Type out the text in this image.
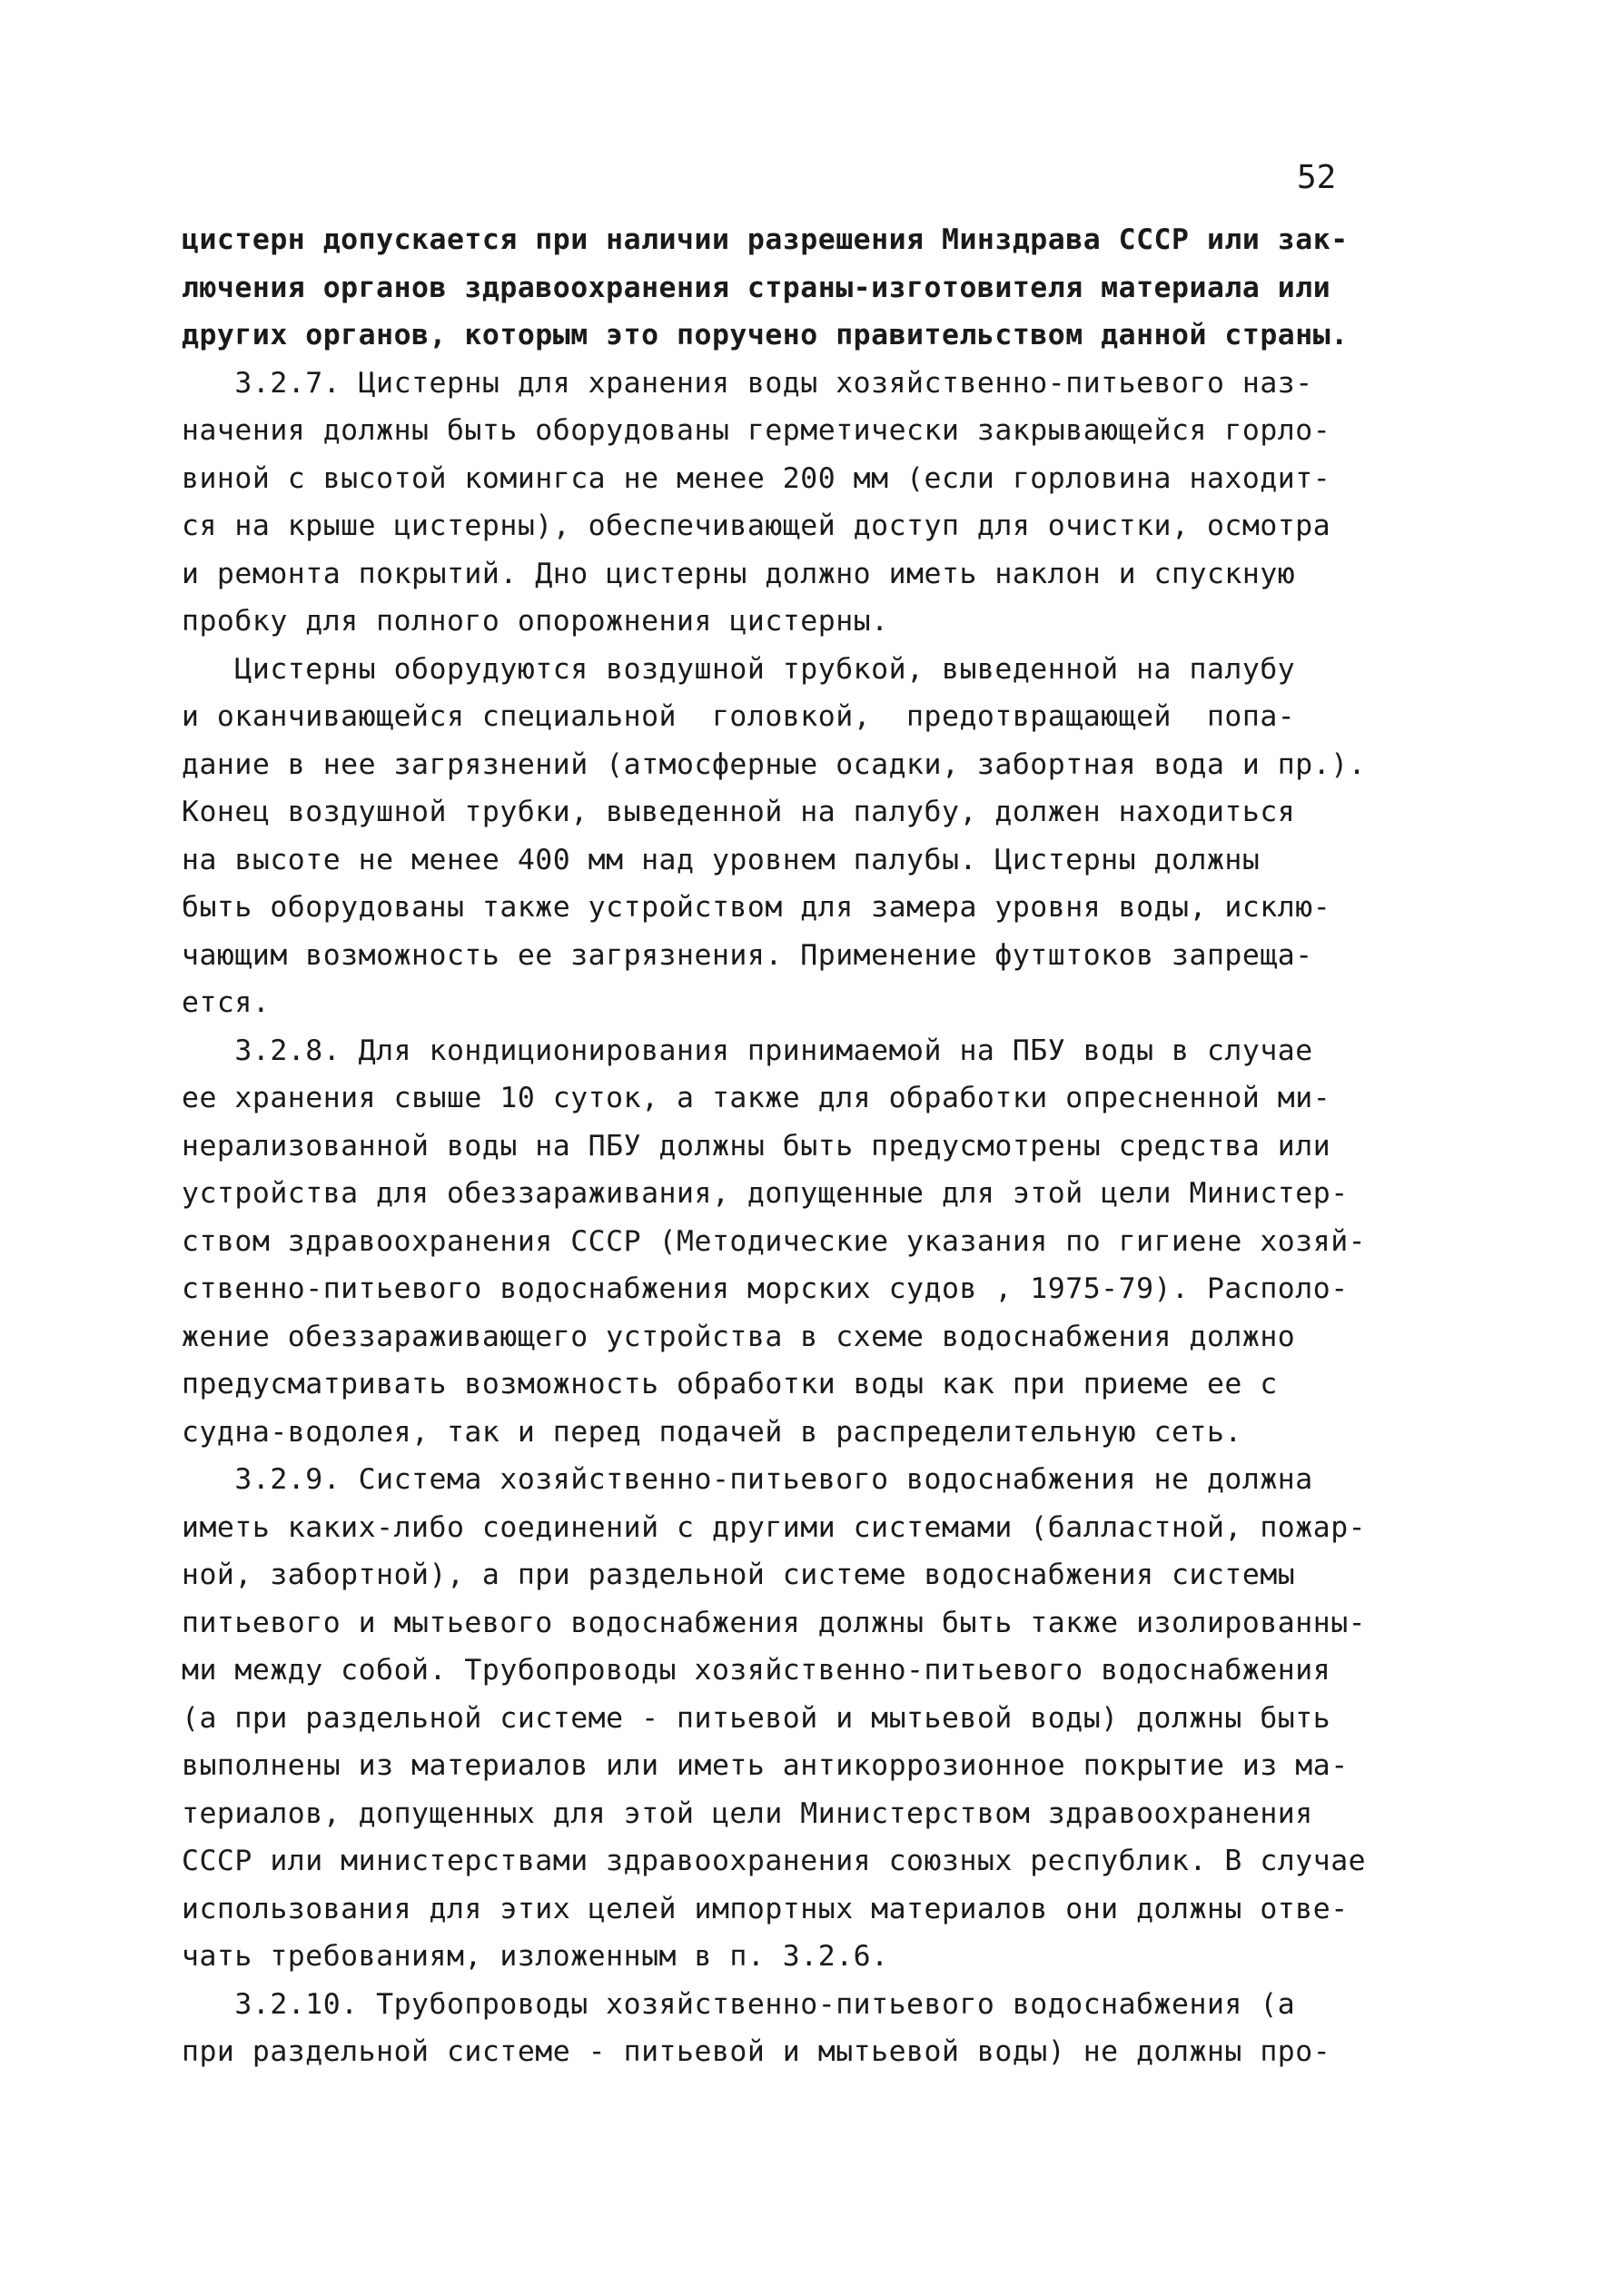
52
цистерн допускается при наличии разрешения Минздрава СССР или зак-
лючения органов здравоохранения страны-изготовителя материала или
других органов, которым это поручено правительством данной страны.
3.2.7. Цистерны для хранения воды хозяйственно-питьевого наз-
начения должны быть оборудованы герметически закрывающейся горло-
виной с высотой комингса не менее 200 мм (если горловина находит-
ся на крыше цистерны), обеспечивающей доступ для очистки, осмотра
и ремонта покрытий. Дно цистерны должно иметь наклон и спускную
пробку для полного опорожнения цистерны.
Цистерны оборудуются воздушной трубкой, выведенной на палубу
и оканчивающейся специальной  головкой,  предотвращающей  попа-
дание в нее загрязнений (атмосферные осадки, забортная вода и пр.).
Конец воздушной трубки, выведенной на палубу, должен находиться
на высоте не менее 400 мм над уровнем палубы. Цистерны должны
быть оборудованы также устройством для замера уровня воды, исклю-
чающим возможность ее загрязнения. Применение футштоков запреща-
ется.
3.2.8. Для кондиционирования принимаемой на ПБУ воды в случае
ее хранения свыше 10 суток, а также для обработки опресненной ми-
нерализованной воды на ПБУ должны быть предусмотрены средства или
устройства для обеззараживания, допущенные для этой цели Министер-
ством здравоохранения СССР (Методические указания по гигиене хозяй-
ственно-питьевого водоснабжения морских судов , 1975-79). Располо-
жение обеззараживающего устройства в схеме водоснабжения должно
предусматривать возможность обработки воды как при приеме ее с
судна-водолея, так и перед подачей в распределительную сеть.
3.2.9. Система хозяйственно-питьевого водоснабжения не должна
иметь каких-либо соединений с другими системами (балластной, пожар-
ной, забортной), а при раздельной системе водоснабжения системы
питьевого и мытьевого водоснабжения должны быть также изолированны-
ми между собой. Трубопроводы хозяйственно-питьевого водоснабжения
(а при раздельной системе - питьевой и мытьевой воды) должны быть
выполнены из материалов или иметь антикоррозионное покрытие из ма-
териалов, допущенных для этой цели Министерством здравоохранения
СССР или министерствами здравоохранения союзных республик. В случае
использования для этих целей импортных материалов они должны отве-
чать требованиям, изложенным в п. 3.2.6.
3.2.10. Трубопроводы хозяйственно-питьевого водоснабжения (а
при раздельной системе - питьевой и мытьевой воды) не должны про-
